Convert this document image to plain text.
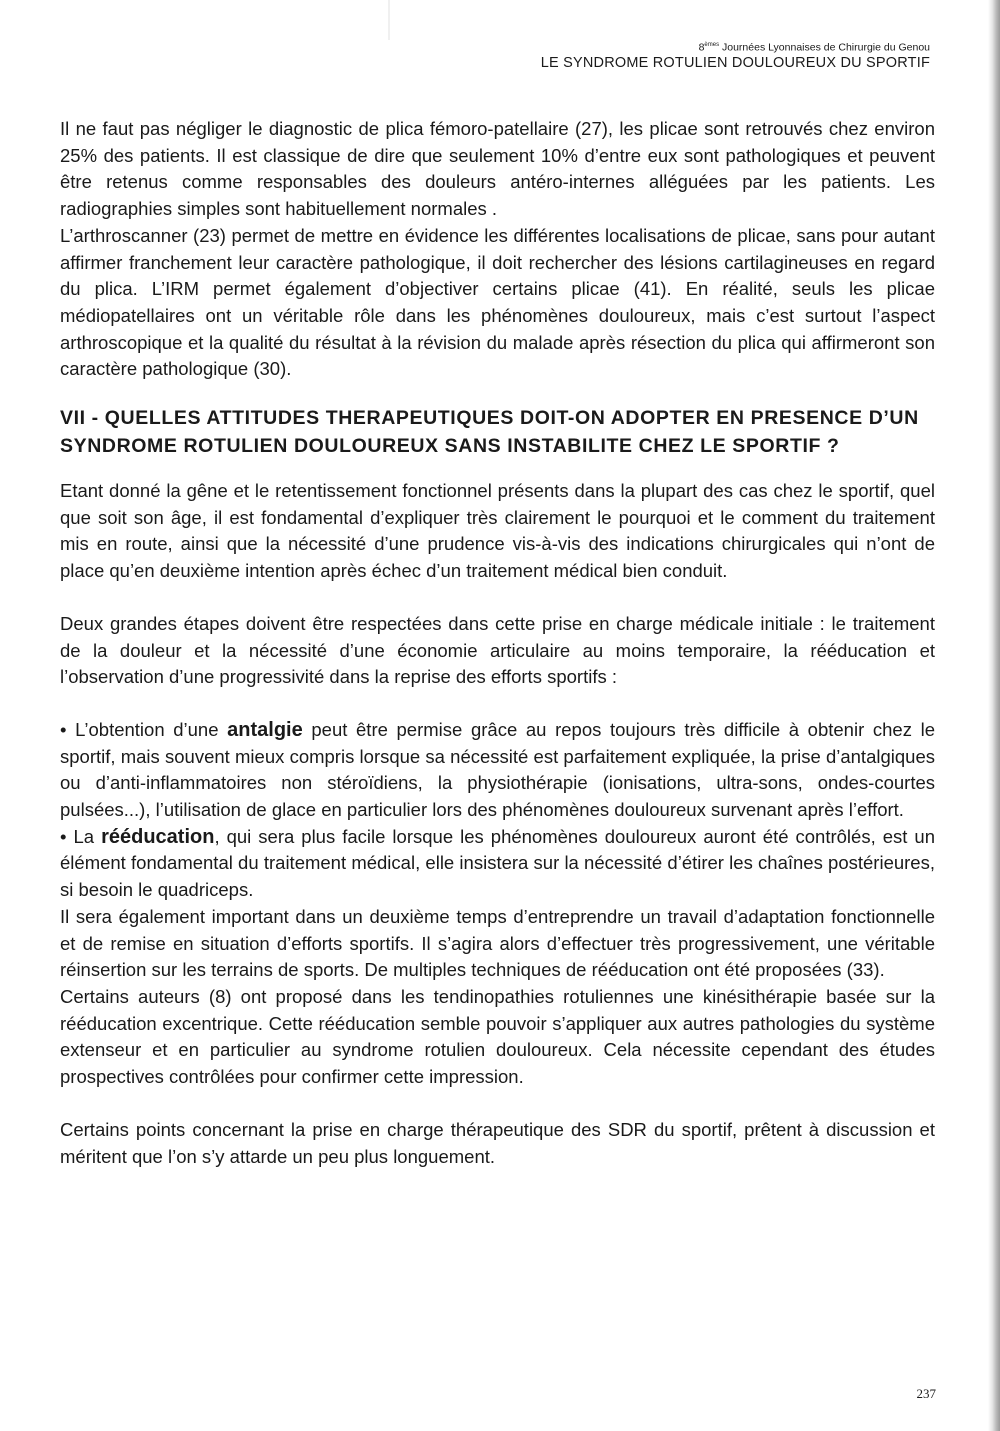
8èmes Journées Lyonnaises de Chirurgie du Genou
LE SYNDROME ROTULIEN DOULOUREUX DU SPORTIF

Il ne faut pas négliger le diagnostic de plica fémoro-patellaire (27), les plicae sont retrouvés chez environ 25% des patients. Il est classique de dire que seulement 10% d’entre eux sont pathologiques et peuvent être retenus comme responsables des douleurs antéro-internes alléguées par les patients. Les radiographies simples sont habituellement normales .

L’arthroscanner (23) permet de mettre en évidence les différentes localisations de plicae, sans pour autant affirmer franchement leur caractère pathologique, il doit rechercher des lésions cartilagineuses en regard du plica. L’IRM permet également d’objectiver certains plicae (41). En réalité, seuls les plicae médiopatellaires ont un véritable rôle dans les phénomènes douloureux, mais c’est surtout l’aspect arthroscopique et la qualité du résultat à la révision du malade après résection du plica qui affirmeront son caractère pathologique (30).

VII - QUELLES ATTITUDES THERAPEUTIQUES DOIT-ON ADOPTER EN PRESENCE D’UN SYNDROME ROTULIEN DOULOUREUX SANS INSTABILITE CHEZ LE SPORTIF ?

Etant donné la gêne et le retentissement fonctionnel présents dans la plupart des cas chez le sportif, quel que soit son âge, il est fondamental d’expliquer très clairement le pourquoi et le comment du traitement mis en route, ainsi que la nécessité d’une prudence vis-à-vis des indications chirurgicales qui n’ont de place qu’en deuxième intention après échec d’un traitement médical bien conduit.

Deux grandes étapes doivent être respectées dans cette prise en charge médicale initiale : le traitement de la douleur et la nécessité d’une économie articulaire au moins temporaire, la rééducation et l’observation d’une progressivité dans la reprise des efforts sportifs :

• L’obtention d’une antalgie peut être permise grâce au repos toujours très difficile à obtenir chez le sportif, mais souvent mieux compris lorsque sa nécessité est parfaitement expliquée, la prise d’antalgiques ou d’anti-inflammatoires non stéroïdiens, la physiothérapie (ionisations, ultra-sons, ondes-courtes pulsées...), l’utilisation de glace en particulier lors des phénomènes douloureux survenant après l’effort.

• La rééducation, qui sera plus facile lorsque les phénomènes douloureux auront été contrôlés, est un élément fondamental du traitement médical, elle insistera sur la nécessité d’étirer les chaînes postérieures, si besoin le quadriceps.

Il sera également important dans un deuxième temps d’entreprendre un travail d’adaptation fonctionnelle et de remise en situation d’efforts sportifs. Il s’agira alors d’effectuer très progressivement, une véritable réinsertion sur les terrains de sports. De multiples techniques de rééducation ont été proposées (33).

Certains auteurs (8) ont proposé dans les tendinopathies rotuliennes une kinésithérapie basée sur la rééducation excentrique. Cette rééducation semble pouvoir s’appliquer aux autres pathologies du système extenseur et en particulier au syndrome rotulien douloureux. Cela nécessite cependant des études prospectives contrôlées pour confirmer cette impression.

Certains points concernant la prise en charge thérapeutique des SDR du sportif, prêtent à discussion et méritent que l’on s’y attarde un peu plus longuement.

237
